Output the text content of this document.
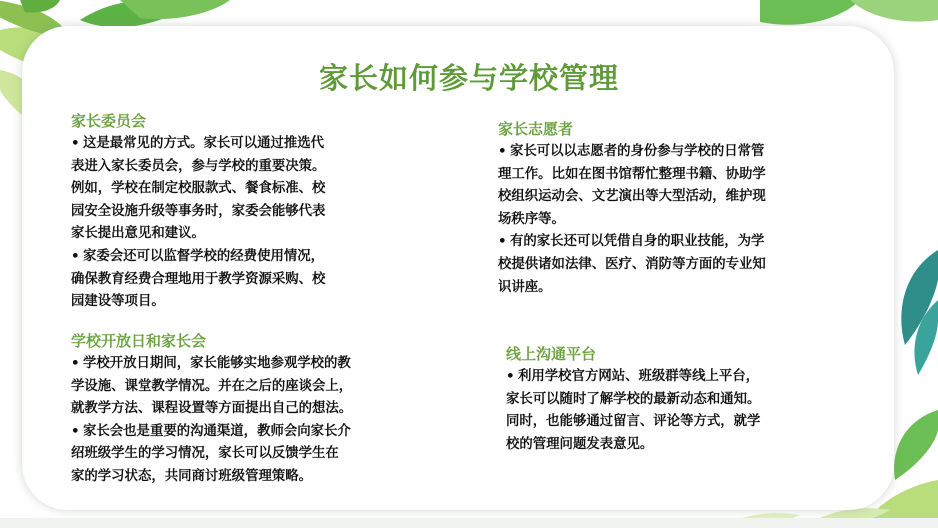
家长如何参与学校管理
家长委员会
• 这是最常见的方式。家长可以通过推选代
表进入家长委员会，参与学校的重要决策。
例如，学校在制定校服款式、餐食标准、校
园安全设施升级等事务时，家委会能够代表
家长提出意见和建议。
• 家委会还可以监督学校的经费使用情况，
确保教育经费合理地用于教学资源采购、校
园建设等项目。
家长志愿者
• 家长可以以志愿者的身份参与学校的日常管
理工作。比如在图书馆帮忙整理书籍、协助学
校组织运动会、文艺演出等大型活动，维护现
场秩序等。
• 有的家长还可以凭借自身的职业技能，为学
校提供诸如法律、医疗、消防等方面的专业知
识讲座。
学校开放日和家长会
• 学校开放日期间，家长能够实地参观学校的教
学设施、课堂教学情况。并在之后的座谈会上，
就教学方法、课程设置等方面提出自己的想法。
• 家长会也是重要的沟通渠道，教师会向家长介
绍班级学生的学习情况，家长可以反馈学生在
家的学习状态，共同商讨班级管理策略。
线上沟通平台
• 利用学校官方网站、班级群等线上平台，
家长可以随时了解学校的最新动态和通知。
同时，也能够通过留言、评论等方式，就学
校的管理问题发表意见。
